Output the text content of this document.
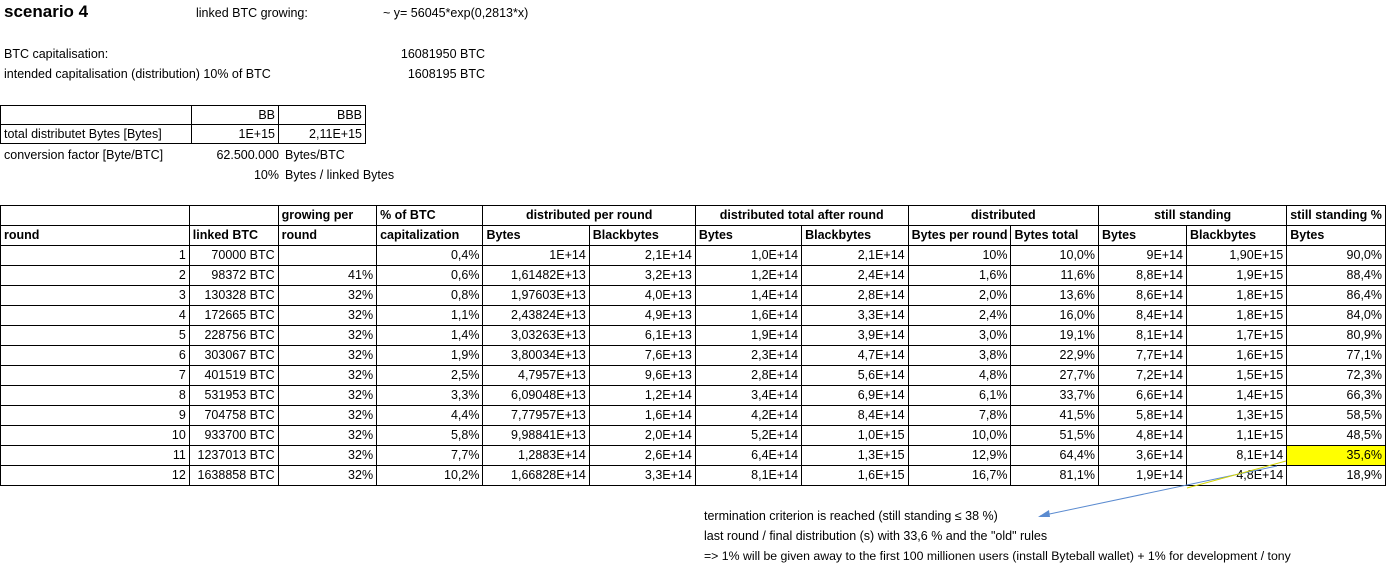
scenario 4	linked BTC growing:	~ y= 56045*exp(0,2813*x)
BTC capitalisation:	16081950 BTC
intended capitalisation (distribution) 10% of BTC	1608195 BTC
	BB	BBB
total distributet Bytes [Bytes]	1E+15	2,11E+15
conversion factor [Byte/BTC]	62.500.000 Bytes/BTC
10% Bytes / linked Bytes
		growing per	% of BTC	distributed per round		distributed total after round		distributed		still standing		still standing %
round	linked BTC	round	capitalization	Bytes	Blackbytes	Bytes	Blackbytes	Bytes per round	Bytes total	Bytes	Blackbytes	Bytes
1	70000 BTC		0,4%	1E+14	2,1E+14	1,0E+14	2,1E+14	10%	10,0%	9E+14	1,90E+15	90,0%
2	98372 BTC	41%	0,6%	1,61482E+13	3,2E+13	1,2E+14	2,4E+14	1,6%	11,6%	8,8E+14	1,9E+15	88,4%
3	130328 BTC	32%	0,8%	1,97603E+13	4,0E+13	1,4E+14	2,8E+14	2,0%	13,6%	8,6E+14	1,8E+15	86,4%
4	172665 BTC	32%	1,1%	2,43824E+13	4,9E+13	1,6E+14	3,3E+14	2,4%	16,0%	8,4E+14	1,8E+15	84,0%
5	228756 BTC	32%	1,4%	3,03263E+13	6,1E+13	1,9E+14	3,9E+14	3,0%	19,1%	8,1E+14	1,7E+15	80,9%
6	303067 BTC	32%	1,9%	3,80034E+13	7,6E+13	2,3E+14	4,7E+14	3,8%	22,9%	7,7E+14	1,6E+15	77,1%
7	401519 BTC	32%	2,5%	4,7957E+13	9,6E+13	2,8E+14	5,6E+14	4,8%	27,7%	7,2E+14	1,5E+15	72,3%
8	531953 BTC	32%	3,3%	6,09048E+13	1,2E+14	3,4E+14	6,9E+14	6,1%	33,7%	6,6E+14	1,4E+15	66,3%
9	704758 BTC	32%	4,4%	7,77957E+13	1,6E+14	4,2E+14	8,4E+14	7,8%	41,5%	5,8E+14	1,3E+15	58,5%
10	933700 BTC	32%	5,8%	9,98841E+13	2,0E+14	5,2E+14	1,0E+15	10,0%	51,5%	4,8E+14	1,1E+15	48,5%
11	1237013 BTC	32%	7,7%	1,2883E+14	2,6E+14	6,4E+14	1,3E+15	12,9%	64,4%	3,6E+14	8,1E+14	35,6%
12	1638858 BTC	32%	10,2%	1,66828E+14	3,3E+14	8,1E+14	1,6E+15	16,7%	81,1%	1,9E+14	4,8E+14	18,9%
termination criterion is reached (still standing ≤ 38 %)
last round / final distribution (s) with 33,6 % and the "old" rules
=> 1% will be given away to the first 100 millionen users (install Byteball wallet) + 1% for development / tony
